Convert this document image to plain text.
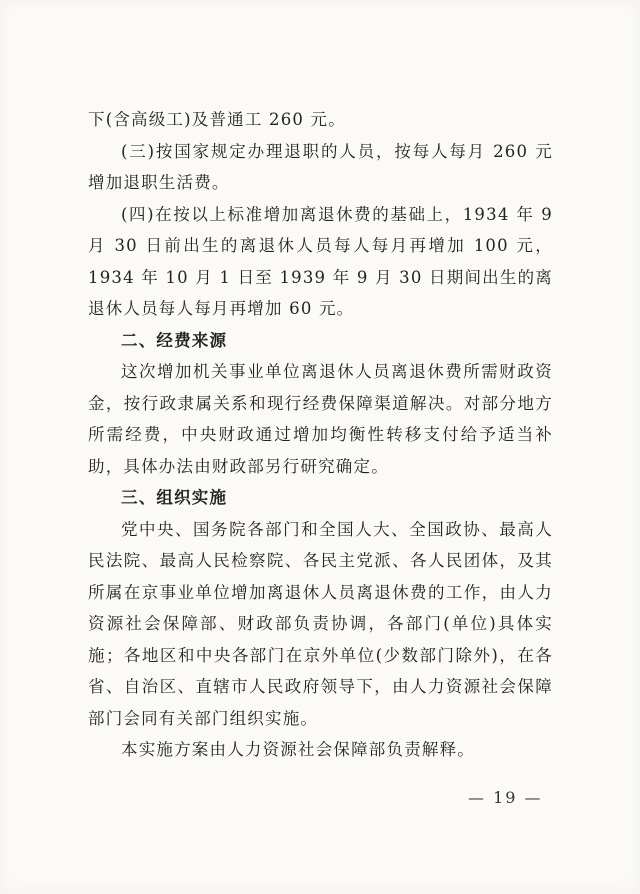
下(含高级工)及普通工 260 元。

(三)按国家规定办理退职的人员，按每人每月 260 元增加退职生活费。

(四)在按以上标准增加离退休费的基础上，1934 年 9 月 30 日前出生的离退休人员每人每月再增加 100 元，1934 年 10 月 1 日至 1939 年 9 月 30 日期间出生的离退休人员每人每月再增加 60 元。

二、经费来源

这次增加机关事业单位离退休人员离退休费所需财政资金，按行政隶属关系和现行经费保障渠道解决。对部分地方所需经费，中央财政通过增加均衡性转移支付给予适当补助，具体办法由财政部另行研究确定。

三、组织实施

党中央、国务院各部门和全国人大、全国政协、最高人民法院、最高人民检察院、各民主党派、各人民团体，及其所属在京事业单位增加离退休人员离退休费的工作，由人力资源社会保障部、财政部负责协调，各部门(单位)具体实施；各地区和中央各部门在京外单位(少数部门除外)，在各省、自治区、直辖市人民政府领导下，由人力资源社会保障部门会同有关部门组织实施。

本实施方案由人力资源社会保障部负责解释。

— 19 —
